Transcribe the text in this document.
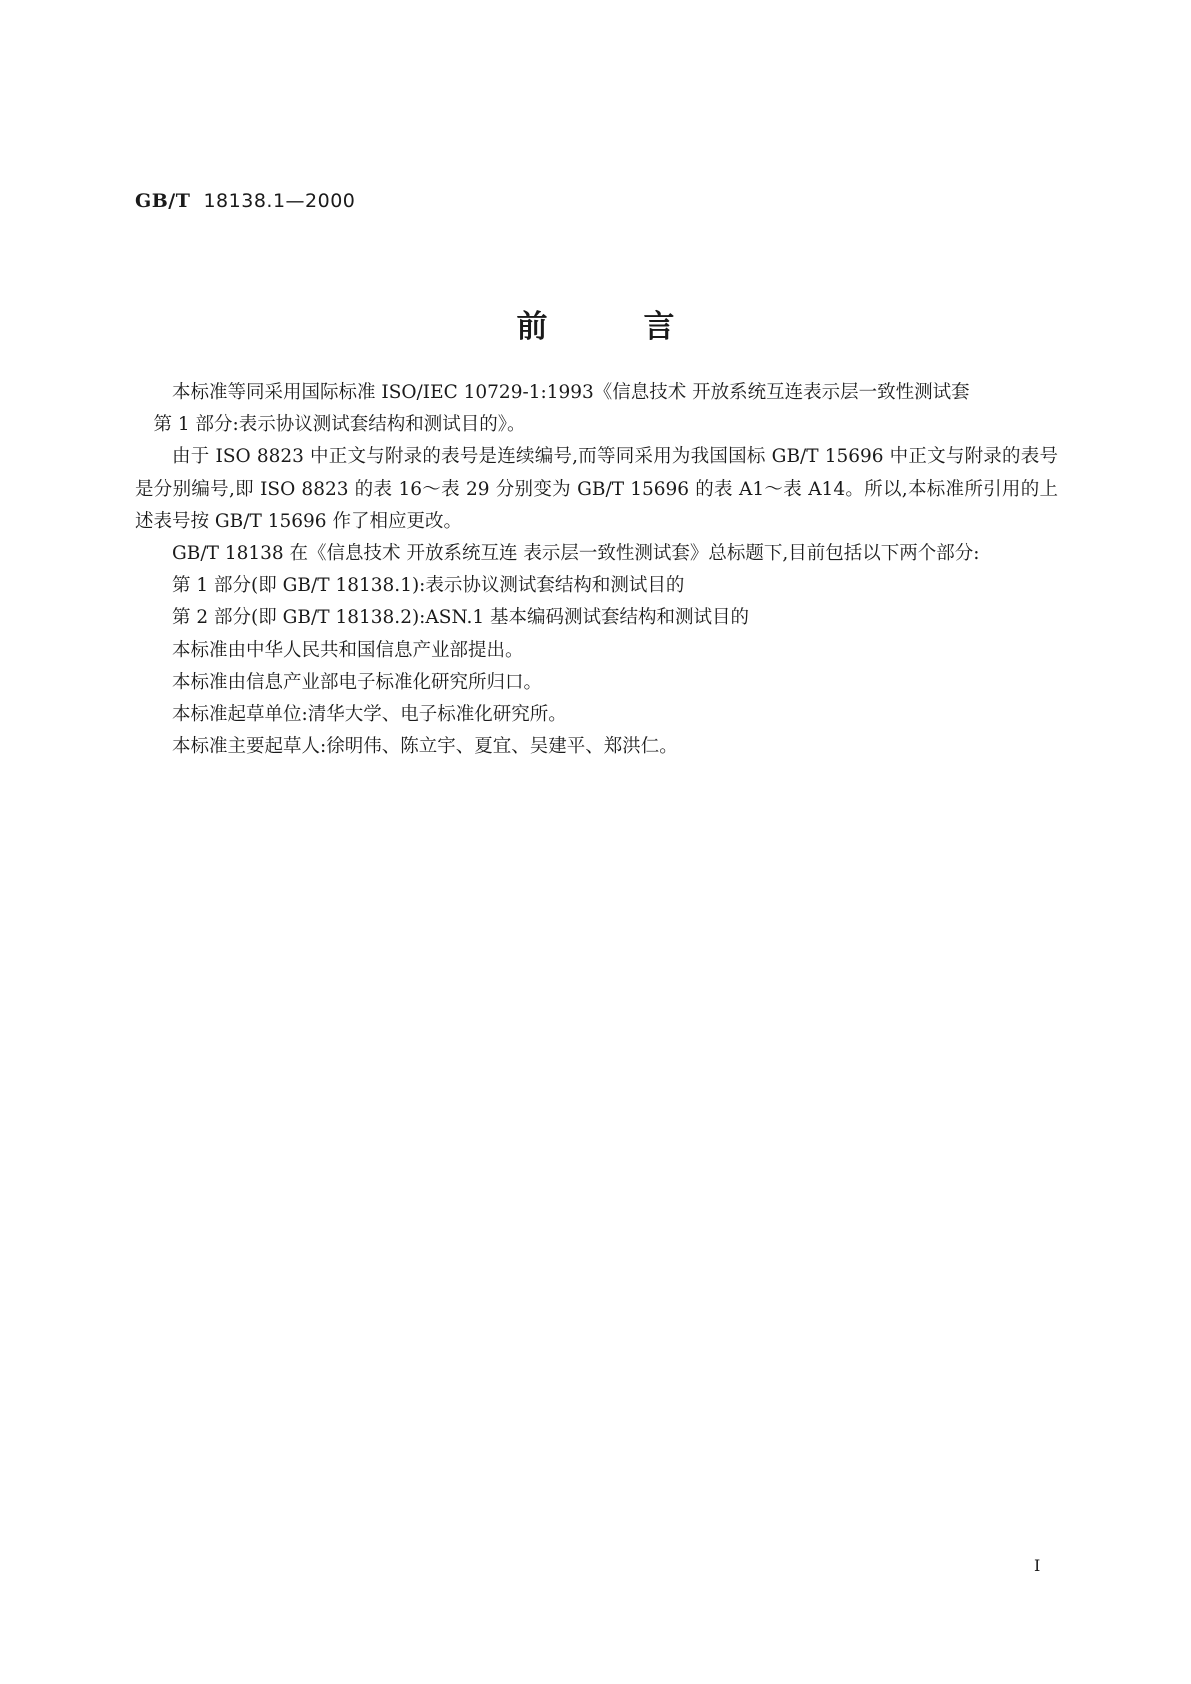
GB/T 18138.1—2000
前言

本标准等同采用国际标准 ISO/IEC 10729-1:1993《信息技术 开放系统互连表示层一致性测试套

第 1 部分:表示协议测试套结构和测试目的》。

由于 ISO 8823 中正文与附录的表号是连续编号,而等同采用为我国国标 GB/T 15696 中正文与附录的表号是分别编号,即 ISO 8823 的表 16～表 29 分别变为 GB/T 15696 的表 A1～表 A14。所以,本标准所引用的上述表号按 GB/T 15696 作了相应更改。

GB/T 18138 在《信息技术 开放系统互连 表示层一致性测试套》总标题下,目前包括以下两个部分:

第 1 部分(即 GB/T 18138.1):表示协议测试套结构和测试目的

第 2 部分(即 GB/T 18138.2):ASN.1 基本编码测试套结构和测试目的

本标准由中华人民共和国信息产业部提出。

本标准由信息产业部电子标准化研究所归口。

本标准起草单位:清华大学、电子标准化研究所。

本标准主要起草人:徐明伟、陈立宇、夏宜、吴建平、郑洪仁。

I
